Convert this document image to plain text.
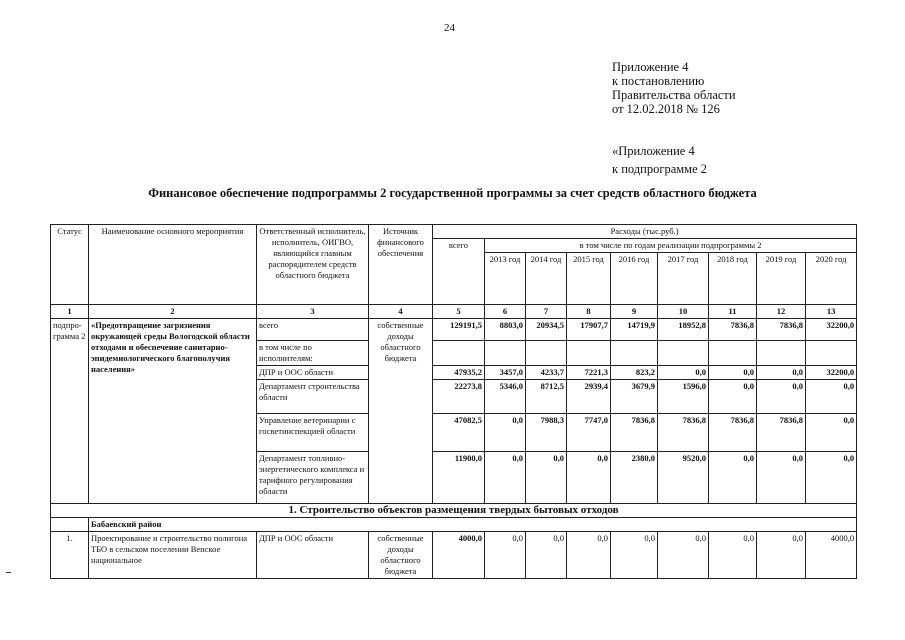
24
Приложение 4
к постановлению
Правительства области
от 12.02.2018 № 126
«Приложение 4
к подпрограмме 2
Финансовое обеспечение подпрограммы 2 государственной программы за счет средств областного бюджета
Статус	Наименование основного мероприятия	Ответственный исполнитель, исполнитель, ОИГВО, являющийся главным распорядителем средств областного бюджета	Источник финансового обеспечения	Расходы (тыс.руб.)								
				всего	в том числе по годам реализации подпрограммы 2							
					2013 год	2014 год	2015 год	2016 год	2017 год	2018 год	2019 год	2020 год
1	2	3	4	5	6	7	8	9	10	11	12	13
подпро- грамма 2	«Предотвращение загрязнения окружающей среды Вологодской области отходами и обеспечение санитарно-эпидемиологического благополучия населения»	всего	собственные доходы областного бюджета	129191,5	8803,0	20934,5	17907,7	14719,9	18952,8	7836,8	7836,8	32200,0
		в том числе по исполнителям:										
		ДПР и ООС области		47935,2	3457,0	4233,7	7221,3	823,2	0,0	0,0	0,0	32200,0
		Департамент строительства области		22273,8	5346,0	8712,5	2939,4	3679,9	1596,0	0,0	0,0	0,0
		Управление ветеринарии с госветинспекцией области		47082,5	0,0	7988,3	7747,0	7836,8	7836,8	7836,8	7836,8	0,0
		Департамент топливно-энергетического комплекса и тарифного регулирования области		11900,0	0,0	0,0	0,0	2380,0	9520,0	0,0	0,0	0,0
1. Строительство объектов размещения твердых бытовых отходов												
	Бабаевский район											
1.	Проектирование и строительство полигона ТБО в сельском поселении Вепское национальное	ДПР и ООС области	собственные доходы областного бюджета	4000,0	0,0	0,0	0,0	0,0	0,0	0,0	0,0	4000,0
